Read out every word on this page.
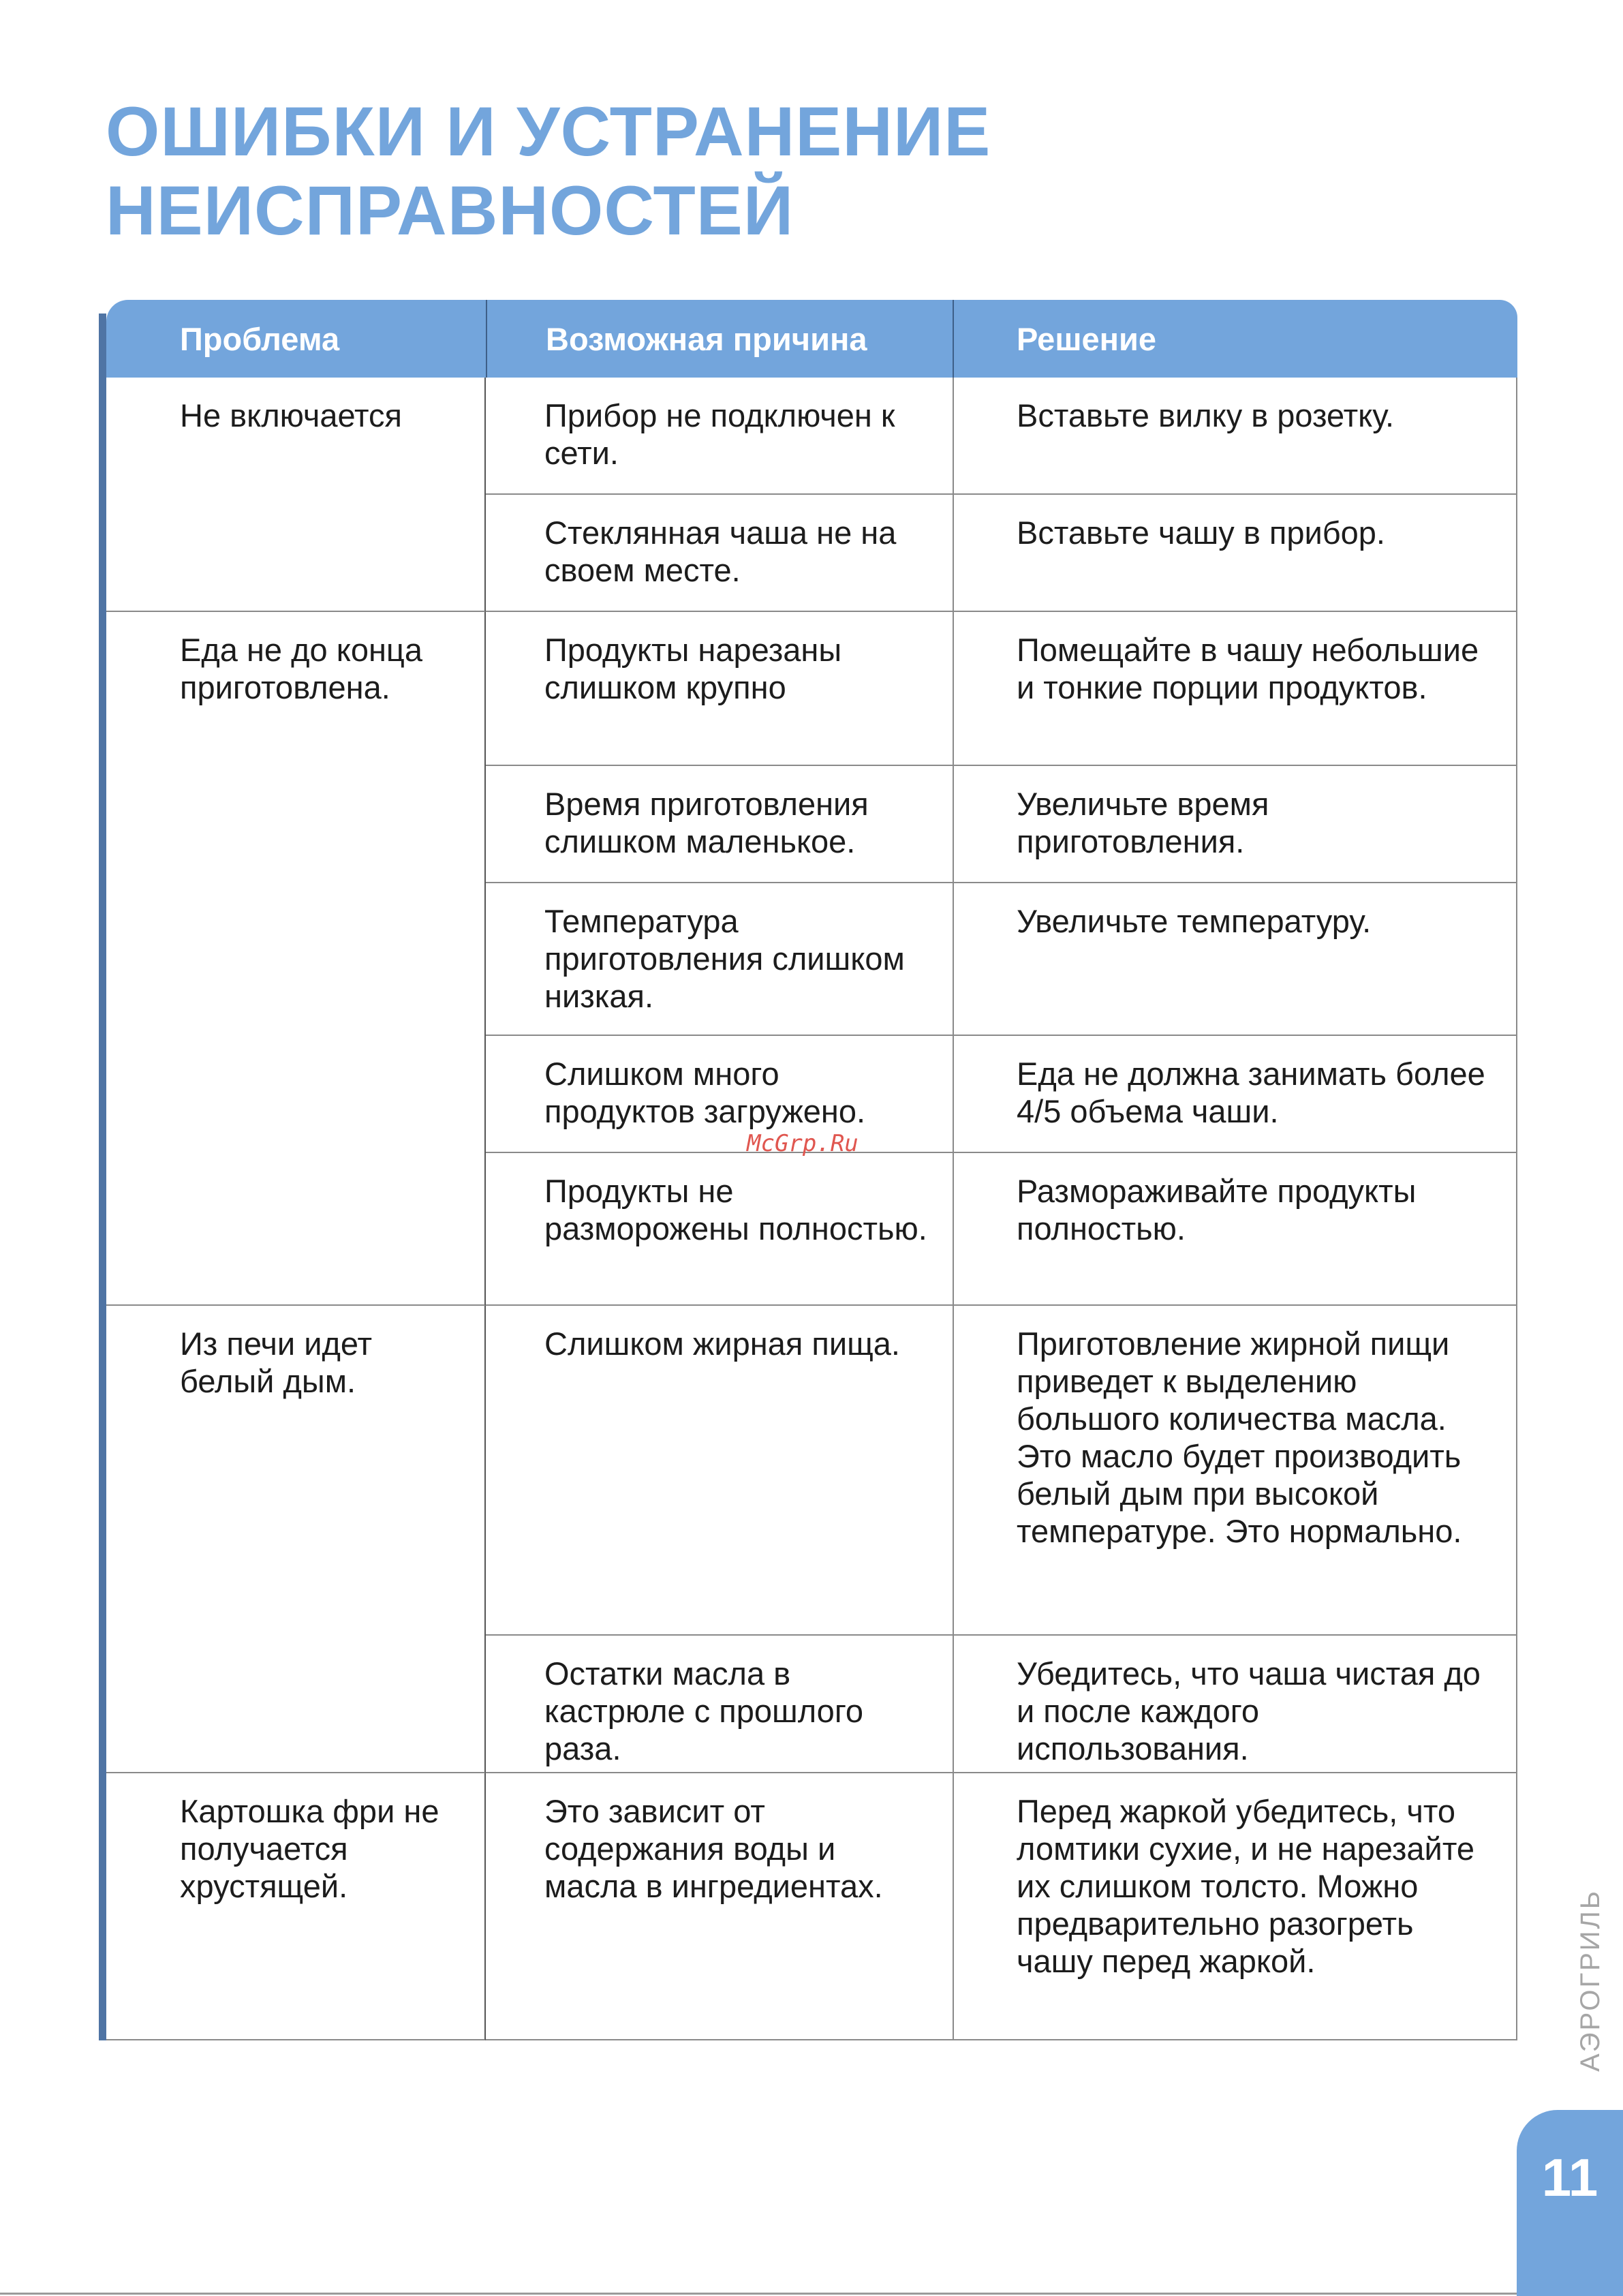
ОШИБКИ И УСТРАНЕНИЕ
НЕИСПРАВНОСТЕЙ
Проблема	Возможная причина	Решение
Не включается	Прибор не подключен к сети.	Вставьте вилку в розетку.
	Стеклянная чаша не на своем месте.	Вставьте чашу в прибор.
Еда не до конца приготовлена.	Продукты нарезаны слишком крупно	Помещайте в чашу небольшие и тонкие порции продуктов.
	Время приготовления слишком маленькое.	Увеличьте время приготовления.
	Температура приготовления слишком низкая.	Увеличьте температуру.
	Слишком много продуктов загружено.	Еда не должна занимать более 4/5 объема чаши.
	Продукты не разморожены полностью.	Размораживайте продукты полностью.
Из печи идет белый дым.	Слишком жирная пища.	Приготовление жирной пищи приведет к выделению большого количества масла. Это масло будет производить белый дым при высокой температуре. Это нормально.
	Остатки масла в кастрюле с прошлого раза.	Убедитесь, что чаша чистая до и после каждого использования.
Картошка фри не получается хрустящей.	Это зависит от содержания воды и масла в ингредиентах.	Перед жаркой убедитесь, что ломтики сухие, и не нарезайте их слишком толсто. Можно предварительно разогреть чашу перед жаркой.
McGrp.Ru
АЭРОГРИЛЬ
11
